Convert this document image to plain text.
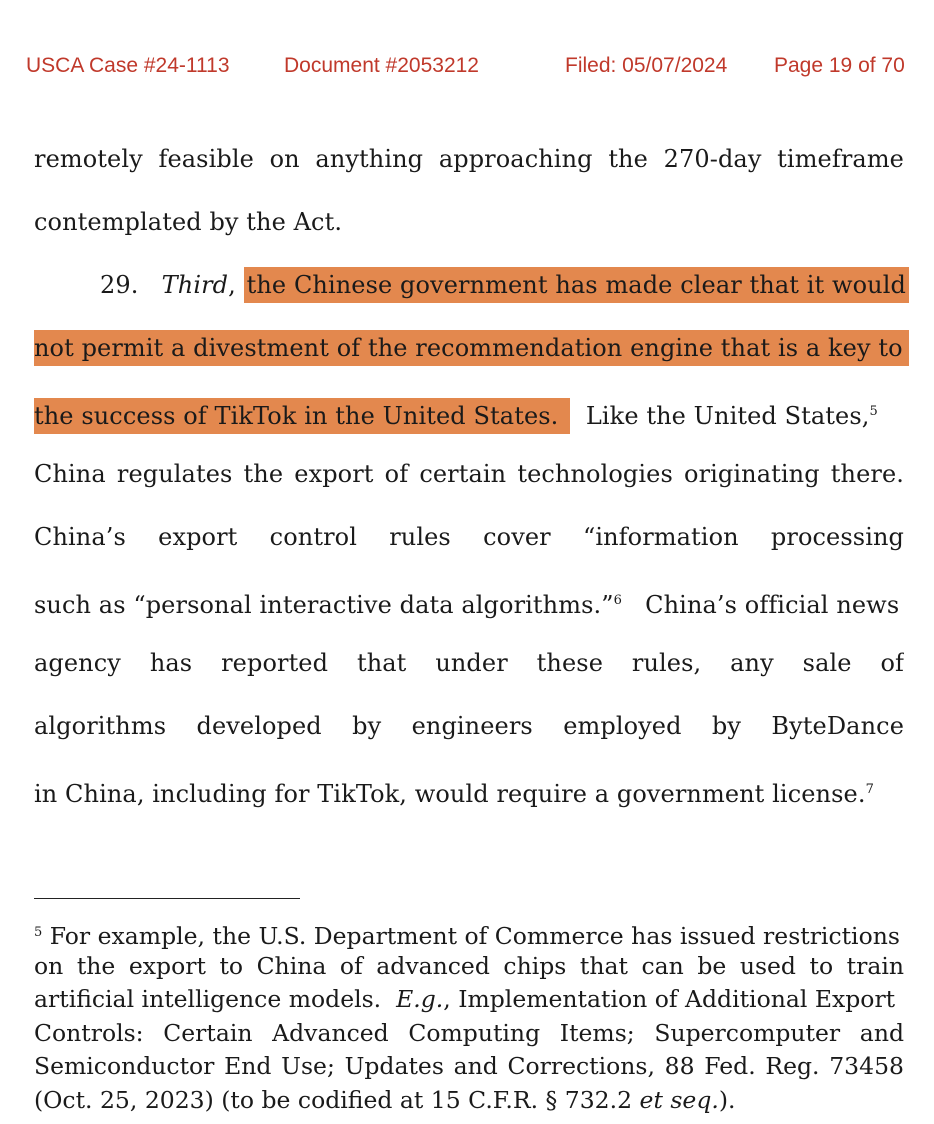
USCA Case #24-1113	Document #2053212	Filed: 05/07/2024 Page 19 of 70
remotely feasible on anything approaching the 270-day timeframe
contemplated by the Act.
29. Third, the Chinese government has made clear that it would
not permit a divestment of the recommendation engine that is a key to
the success of TikTok in the United States. Like the United States,$^5$
China regulates the export of certain technologies originating there.
China’s export control rules cover “information processing
such as “personal interactive data algorithms.”$^6$ China’s official news
agency has reported that under these rules, any sale of
algorithms developed by engineers employed by ByteDance
in China, including for TikTok, would require a government license.$^7$
$^5$ For example, the U.S. Department of Commerce has issued restrictions
on the export to China of advanced chips that can be used to train
artificial intelligence models. E.g., Implementation of Additional Export
Controls: Certain Advanced Computing Items; Supercomputer and
Semiconductor End Use; Updates and Corrections, 88 Fed. Reg. 73458
(Oct. 25, 2023) (to be codified at 15 C.F.R. § 732.2 et seq.).
